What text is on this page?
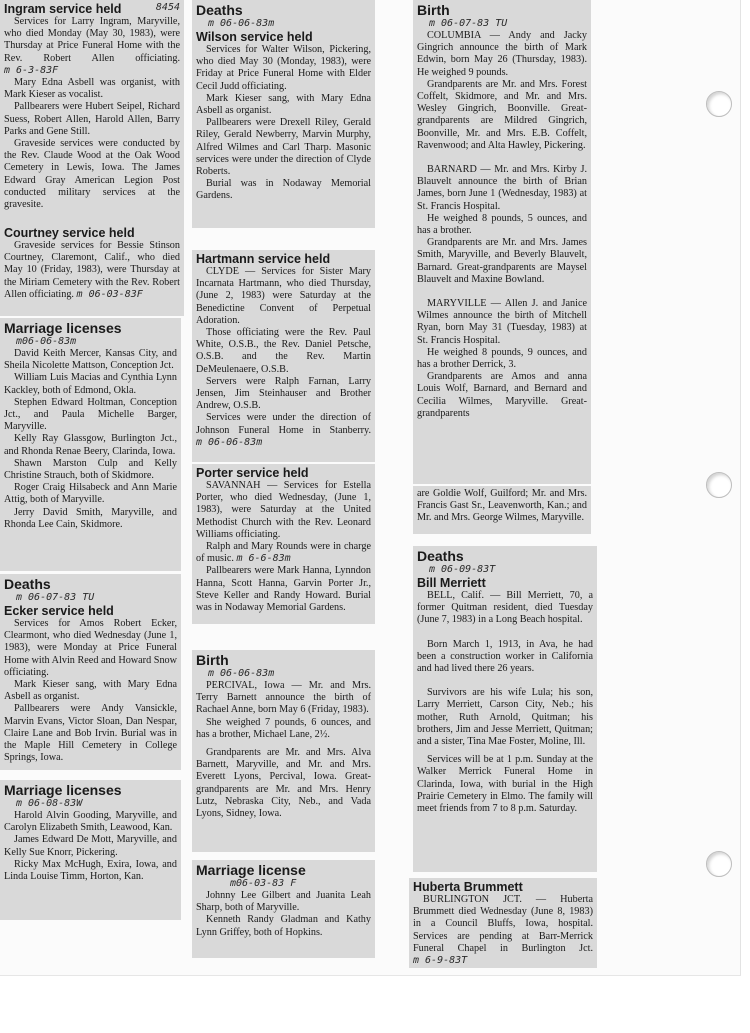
Ingram service held	8454

Services for Larry Ingram, Maryville, who died Monday (May 30, 1983), were Thursday at Price Funeral Home with the Rev. Robert Allen officiating. m 6-3-83F

Mary Edna Asbell was organist, with Mark Kieser as vocalist.

Pallbearers were Hubert Seipel, Richard Suess, Robert Allen, Harold Allen, Barry Parks and Gene Still.

Graveside services were conducted by the Rev. Claude Wood at the Oak Wood Cemetery in Lewis, Iowa. The James Edward Gray American Legion Post conducted military services at the gravesite.

Courtney service held

Graveside services for Bessie Stinson Courtney, Claremont, Calif., who died May 10 (Friday, 1983), were Thursday at the Miriam Cemetery with the Rev. Robert Allen officiating. m 06-03-83F

Marriage licenses
m06-06-83m

David Keith Mercer, Kansas City, and Sheila Nicolette Mattson, Conception Jct.

William Luis Macias and Cynthia Lynn Kackley, both of Edmond, Okla.

Stephen Edward Holtman, Conception Jct., and Paula Michelle Barger, Maryville.

Kelly Ray Glassgow, Burlington Jct., and Rhonda Renae Beery, Clarinda, Iowa.

Shawn Marston Culp and Kelly Christine Strauch, both of Skidmore.

Roger Craig Hilsabeck and Ann Marie Attig, both of Maryville.

Jerry David Smith, Maryville, and Rhonda Lee Cain, Skidmore.

Deaths
m 06-07-83 TU
Ecker service held

Services for Amos Robert Ecker, Clearmont, who died Wednesday (June 1, 1983), were Monday at Price Funeral Home with Alvin Reed and Howard Snow officiating.

Mark Kieser sang, with Mary Edna Asbell as organist.

Pallbearers were Andy Vansickle, Marvin Evans, Victor Sloan, Dan Nespar, Claire Lane and Bob Irvin. Burial was in the Maple Hill Cemetery in College Springs, Iowa.

Marriage licenses
m 06-08-83W

Harold Alvin Gooding, Maryville, and Carolyn Elizabeth Smith, Leawood, Kan.

James Edward De Mott, Maryville, and Kelly Sue Knorr, Pickering.

Ricky Max McHugh, Exira, Iowa, and Linda Louise Timm, Horton, Kan.

Deaths
m 06-06-83m
Wilson service held

Services for Walter Wilson, Pickering, who died May 30 (Monday, 1983), were Friday at Price Funeral Home with Elder Cecil Judd officiating.

Mark Kieser sang, with Mary Edna Asbell as organist.

Pallbearers were Drexell Riley, Gerald Riley, Gerald Newberry, Marvin Murphy, Alfred Wilmes and Carl Tharp. Masonic services were under the direction of Clyde Roberts.

Burial was in Nodaway Memorial Gardens.

Hartmann service held

CLYDE — Services for Sister Mary Incarnata Hartmann, who died Thursday, (June 2, 1983) were Saturday at the Benedictine Convent of Perpetual Adoration.

Those officiating were the Rev. Paul White, O.S.B., the Rev. Daniel Petsche, O.S.B. and the Rev. Martin DeMeulenaere, O.S.B.

Servers were Ralph Farnan, Larry Jensen, Jim Steinhauser and Brother Andrew, O.S.B.

Services were under the direction of Johnson Funeral Home in Stanberry. m 06-06-83m

Porter service held

SAVANNAH — Services for Estella Porter, who died Wednesday, (June 1, 1983), were Saturday at the United Methodist Church with the Rev. Leonard Williams officiating.

Ralph and Mary Rounds were in charge of music. m 6-6-83m

Pallbearers were Mark Hanna, Lynndon Hanna, Scott Hanna, Garvin Porter Jr., Steve Keller and Randy Howard. Burial was in Nodaway Memorial Gardens.

Birth
m 06-06-83m

PERCIVAL, Iowa — Mr. and Mrs. Terry Barnett announce the birth of Rachael Anne, born May 6 (Friday, 1983).

She weighed 7 pounds, 6 ounces, and has a brother, Michael Lane, 2½.

Grandparents are Mr. and Mrs. Alva Barnett, Maryville, and Mr. and Mrs. Everett Lyons, Percival, Iowa. Great-grandparents are Mr. and Mrs. Henry Lutz, Nebraska City, Neb., and Vada Lyons, Sidney, Iowa.

Marriage license
m06-03-83 F

Johnny Lee Gilbert and Juanita Leah Sharp, both of Maryville.

Kenneth Randy Gladman and Kathy Lynn Griffey, both of Hopkins.

Birth
m 06-07-83 TU

COLUMBIA — Andy and Jacky Gingrich announce the birth of Mark Edwin, born May 26 (Thursday, 1983). He weighed 9 pounds.

Grandparents are Mr. and Mrs. Forest Coffelt, Skidmore, and Mr. and Mrs. Wesley Gingrich, Boonville. Great-grandparents are Mildred Gingrich, Boonville, Mr. and Mrs. E.B. Coffelt, Ravenwood; and Alta Hawley, Pickering.

BARNARD — Mr. and Mrs. Kirby J. Blauvelt announce the birth of Brian James, born June 1 (Wednesday, 1983) at St. Francis Hospital.

He weighed 8 pounds, 5 ounces, and has a brother.

Grandparents are Mr. and Mrs. James Smith, Maryville, and Beverly Blauvelt, Barnard. Great-grandparents are Maysel Blauvelt and Maxine Bowland.

MARYVILLE — Allen J. and Janice Wilmes announce the birth of Mitchell Ryan, born May 31 (Tuesday, 1983) at St. Francis Hospital.

He weighed 8 pounds, 9 ounces, and has a brother Derrick, 3.

Grandparents are Amos and anna Louis Wolf, Barnard, and Bernard and Cecilia Wilmes, Maryville. Great-grandparents

are Goldie Wolf, Guilford; Mr. and Mrs. Francis Gast Sr., Leavenworth, Kan.; and Mr. and Mrs. George Wilmes, Maryville.

Deaths
m 06-09-83T
Bill Merriett

BELL, Calif. — Bill Merriett, 70, a former Quitman resident, died Tuesday (June 7, 1983) in a Long Beach hospital.

Born March 1, 1913, in Ava, he had been a construction worker in California and had lived there 26 years.

Survivors are his wife Lula; his son, Larry Merriett, Carson City, Neb.; his mother, Ruth Arnold, Quitman; his brothers, Jim and Jesse Merriett, Quitman; and a sister, Tina Mae Foster, Moline, Ill.

Services will be at 1 p.m. Sunday at the Walker Merrick Funeral Home in Clarinda, Iowa, with burial in the High Prairie Cemetery in Elmo. The family will meet friends from 7 to 8 p.m. Saturday.

Huberta Brummett

BURLINGTON JCT. — Huberta Brummett died Wednesday (June 8, 1983) in a Council Bluffs, Iowa, hospital. Services are pending at Barr-Merrick Funeral Chapel in Burlington Jct. m 6-9-83T
